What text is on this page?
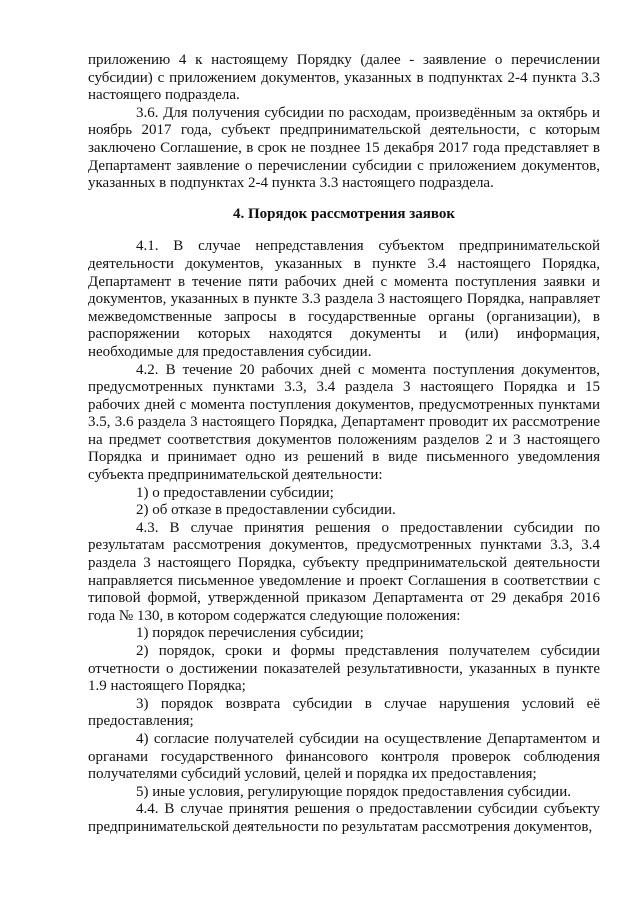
приложению 4 к настоящему Порядку (далее - заявление о перечислении субсидии) с приложением документов, указанных в подпунктах 2-4 пункта 3.3 настоящего подраздела.

3.6. Для получения субсидии по расходам, произведённым за октябрь и ноябрь 2017 года, субъект предпринимательской деятельности, с которым заключено Соглашение, в срок не позднее 15 декабря 2017 года представляет в Департамент заявление о перечислении субсидии с приложением документов, указанных в подпунктах 2-4 пункта 3.3 настоящего подраздела.

4. Порядок рассмотрения заявок

4.1. В случае непредставления субъектом предпринимательской деятельности документов, указанных в пункте 3.4 настоящего Порядка, Департамент в течение пяти рабочих дней с момента поступления заявки и документов, указанных в пункте 3.3 раздела 3 настоящего Порядка, направляет межведомственные запросы в государственные органы (организации), в распоряжении которых находятся документы и (или) информация, необходимые для предоставления субсидии.

4.2. В течение 20 рабочих дней с момента поступления документов, предусмотренных пунктами 3.3, 3.4 раздела 3 настоящего Порядка и 15 рабочих дней с момента поступления документов, предусмотренных пунктами 3.5, 3.6 раздела 3 настоящего Порядка, Департамент проводит их рассмотрение на предмет соответствия документов положениям разделов 2 и 3 настоящего Порядка и принимает одно из решений в виде письменного уведомления субъекта предпринимательской деятельности:

1) о предоставлении субсидии;

2) об отказе в предоставлении субсидии.

4.3. В случае принятия решения о предоставлении субсидии по результатам рассмотрения документов, предусмотренных пунктами 3.3, 3.4 раздела 3 настоящего Порядка, субъекту предпринимательской деятельности направляется письменное уведомление и проект Соглашения в соответствии с типовой формой, утвержденной приказом Департамента от 29 декабря 2016 года № 130, в котором содержатся следующие положения:

1) порядок перечисления субсидии;

2) порядок, сроки и формы представления получателем субсидии отчетности о достижении показателей результативности, указанных в пункте 1.9 настоящего Порядка;

3) порядок возврата субсидии в случае нарушения условий её предоставления;

4) согласие получателей субсидии на осуществление Департаментом и органами государственного финансового контроля проверок соблюдения получателями субсидий условий, целей и порядка их предоставления;

5) иные условия, регулирующие порядок предоставления субсидии.

4.4. В случае принятия решения о предоставлении субсидии субъекту предпринимательской деятельности по результатам рассмотрения документов,
